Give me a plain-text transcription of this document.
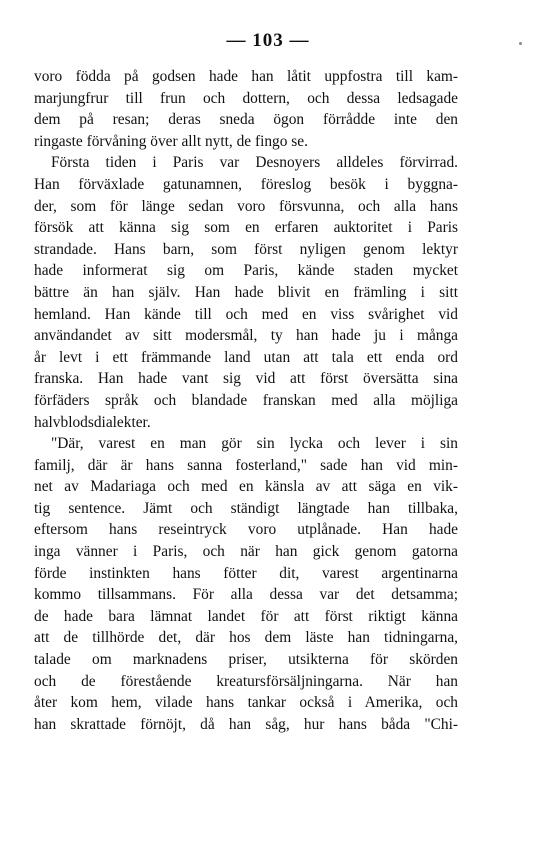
— 103 —
voro födda på godsen hade han låtit uppfostra till kam-
marjungfrur till frun och dottern, och dessa ledsagade
dem på resan; deras sneda ögon förrådde inte den
ringaste förvåning över allt nytt, de fingo se.
Första tiden i Paris var Desnoyers alldeles förvirrad.
Han förväxlade gatunamnen, föreslog besök i byggna-
der, som för länge sedan voro försvunna, och alla hans
försök att känna sig som en erfaren auktoritet i Paris
strandade. Hans barn, som först nyligen genom lektyr
hade informerat sig om Paris, kände staden mycket
bättre än han själv. Han hade blivit en främling i sitt
hemland. Han kände till och med en viss svårighet vid
användandet av sitt modersmål, ty han hade ju i många
år levt i ett främmande land utan att tala ett enda ord
franska. Han hade vant sig vid att först översätta sina
förfäders språk och blandade franskan med alla möjliga
halvblodsdialekter.
"Där, varest en man gör sin lycka och lever i sin
familj, där är hans sanna fosterland," sade han vid min-
net av Madariaga och med en känsla av att säga en vik-
tig sentence. Jämt och ständigt längtade han tillbaka,
eftersom hans reseintryck voro utplånade. Han hade
inga vänner i Paris, och när han gick genom gatorna
förde instinkten hans fötter dit, varest argentinarna
kommo tillsammans. För alla dessa var det detsamma;
de hade bara lämnat landet för att först riktigt känna
att de tillhörde det, där hos dem läste han tidningarna,
talade om marknadens priser, utsikterna för skörden
och de förestående kreatursförsäljningarna. När han
åter kom hem, vilade hans tankar också i Amerika, och
han skrattade förnöjt, då han såg, hur hans båda "Chi-
